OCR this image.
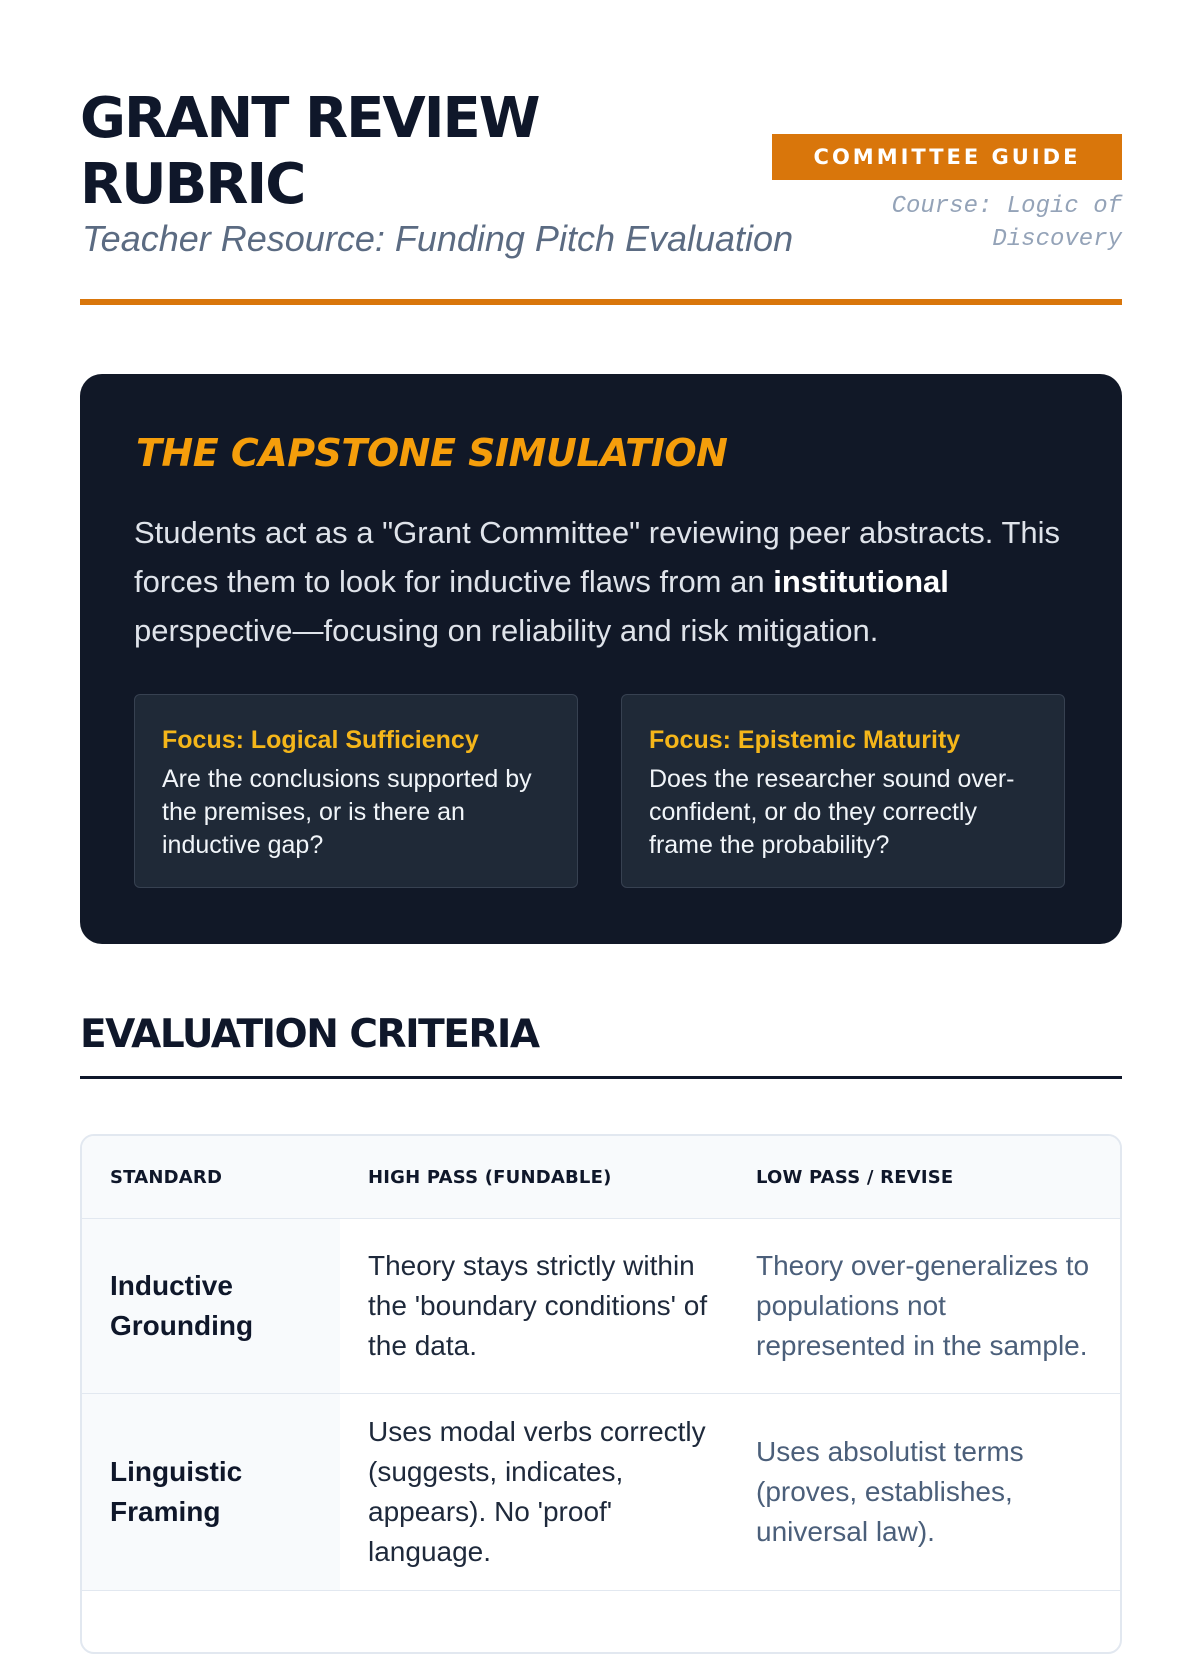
GRANT REVIEW RUBRIC

Teacher Resource: Funding Pitch Evaluation

COMMITTEE GUIDE
Course: Logic of Discovery
THE CAPSTONE SIMULATION

Students act as a "Grant Committee" reviewing peer abstracts. This forces them to look for inductive flaws from an institutional perspective—focusing on reliability and risk mitigation.

Focus: Logical Sufficiency

Are the conclusions supported by the premises, or is there an inductive gap?

Focus: Epistemic Maturity

Does the researcher sound over-confident, or do they correctly frame the probability?

EVALUATION CRITERIA
STANDARD	HIGH PASS (FUNDABLE)	LOW PASS / REVISE
Inductive Grounding	Theory stays strictly within the 'boundary conditions' of the data.	Theory over-generalizes to populations not represented in the sample.
Linguistic Framing	Uses modal verbs correctly (suggests, indicates, appears). No 'proof' language.	Uses absolutist terms (proves, establishes, universal law).
